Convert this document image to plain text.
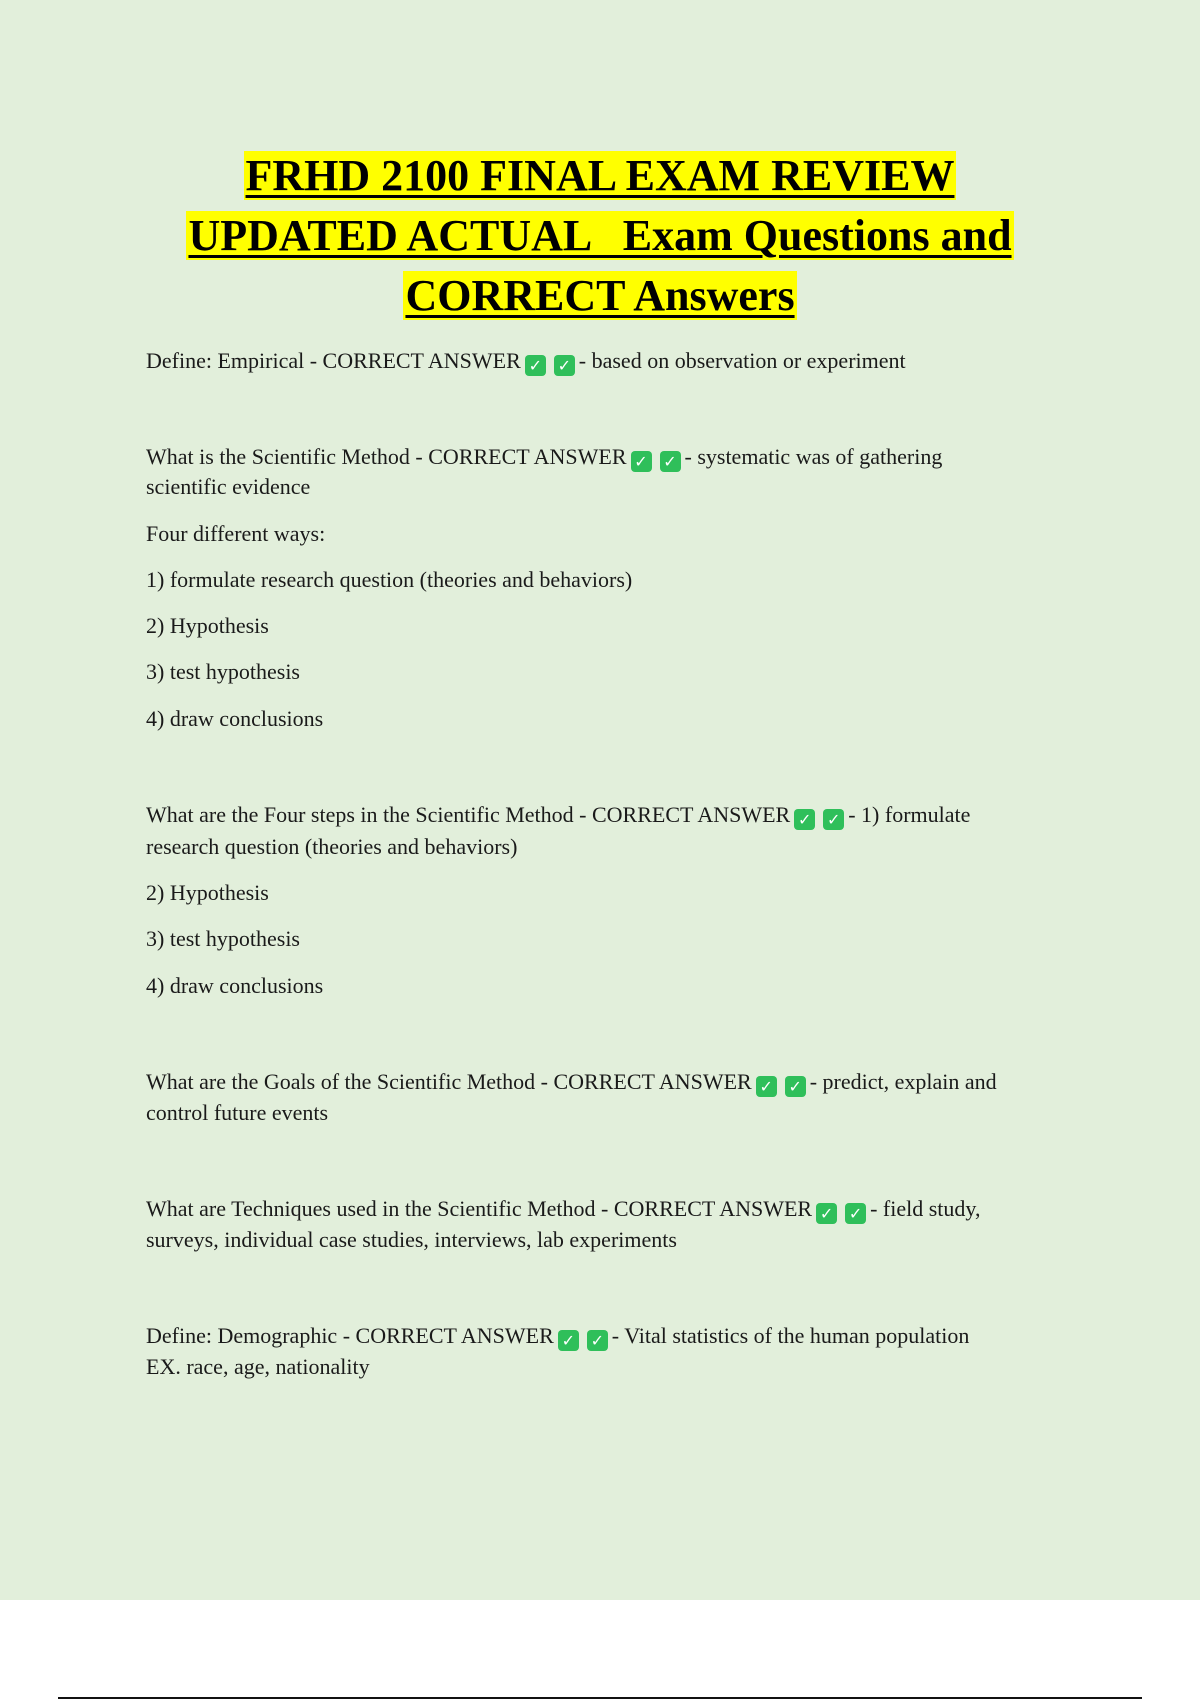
FRHD 2100 FINAL EXAM REVIEW
UPDATED ACTUAL   Exam Questions and
CORRECT Answers
Define: Empirical - CORRECT ANSWER ✓ ✓ - based on observation or experiment
What is the Scientific Method - CORRECT ANSWER ✓ ✓ - systematic was of gathering
scientific evidence
Four different ways:
1) formulate research question (theories and behaviors)
2) Hypothesis
3) test hypothesis
4) draw conclusions
What are the Four steps in the Scientific Method - CORRECT ANSWER ✓ ✓ - 1) formulate
research question (theories and behaviors)
2) Hypothesis
3) test hypothesis
4) draw conclusions
What are the Goals of the Scientific Method - CORRECT ANSWER ✓ ✓ - predict, explain and
control future events
What are Techniques used in the Scientific Method - CORRECT ANSWER ✓ ✓ - field study,
surveys, individual case studies, interviews, lab experiments
Define: Demographic - CORRECT ANSWER ✓ ✓ - Vital statistics of the human population
EX. race, age, nationality
